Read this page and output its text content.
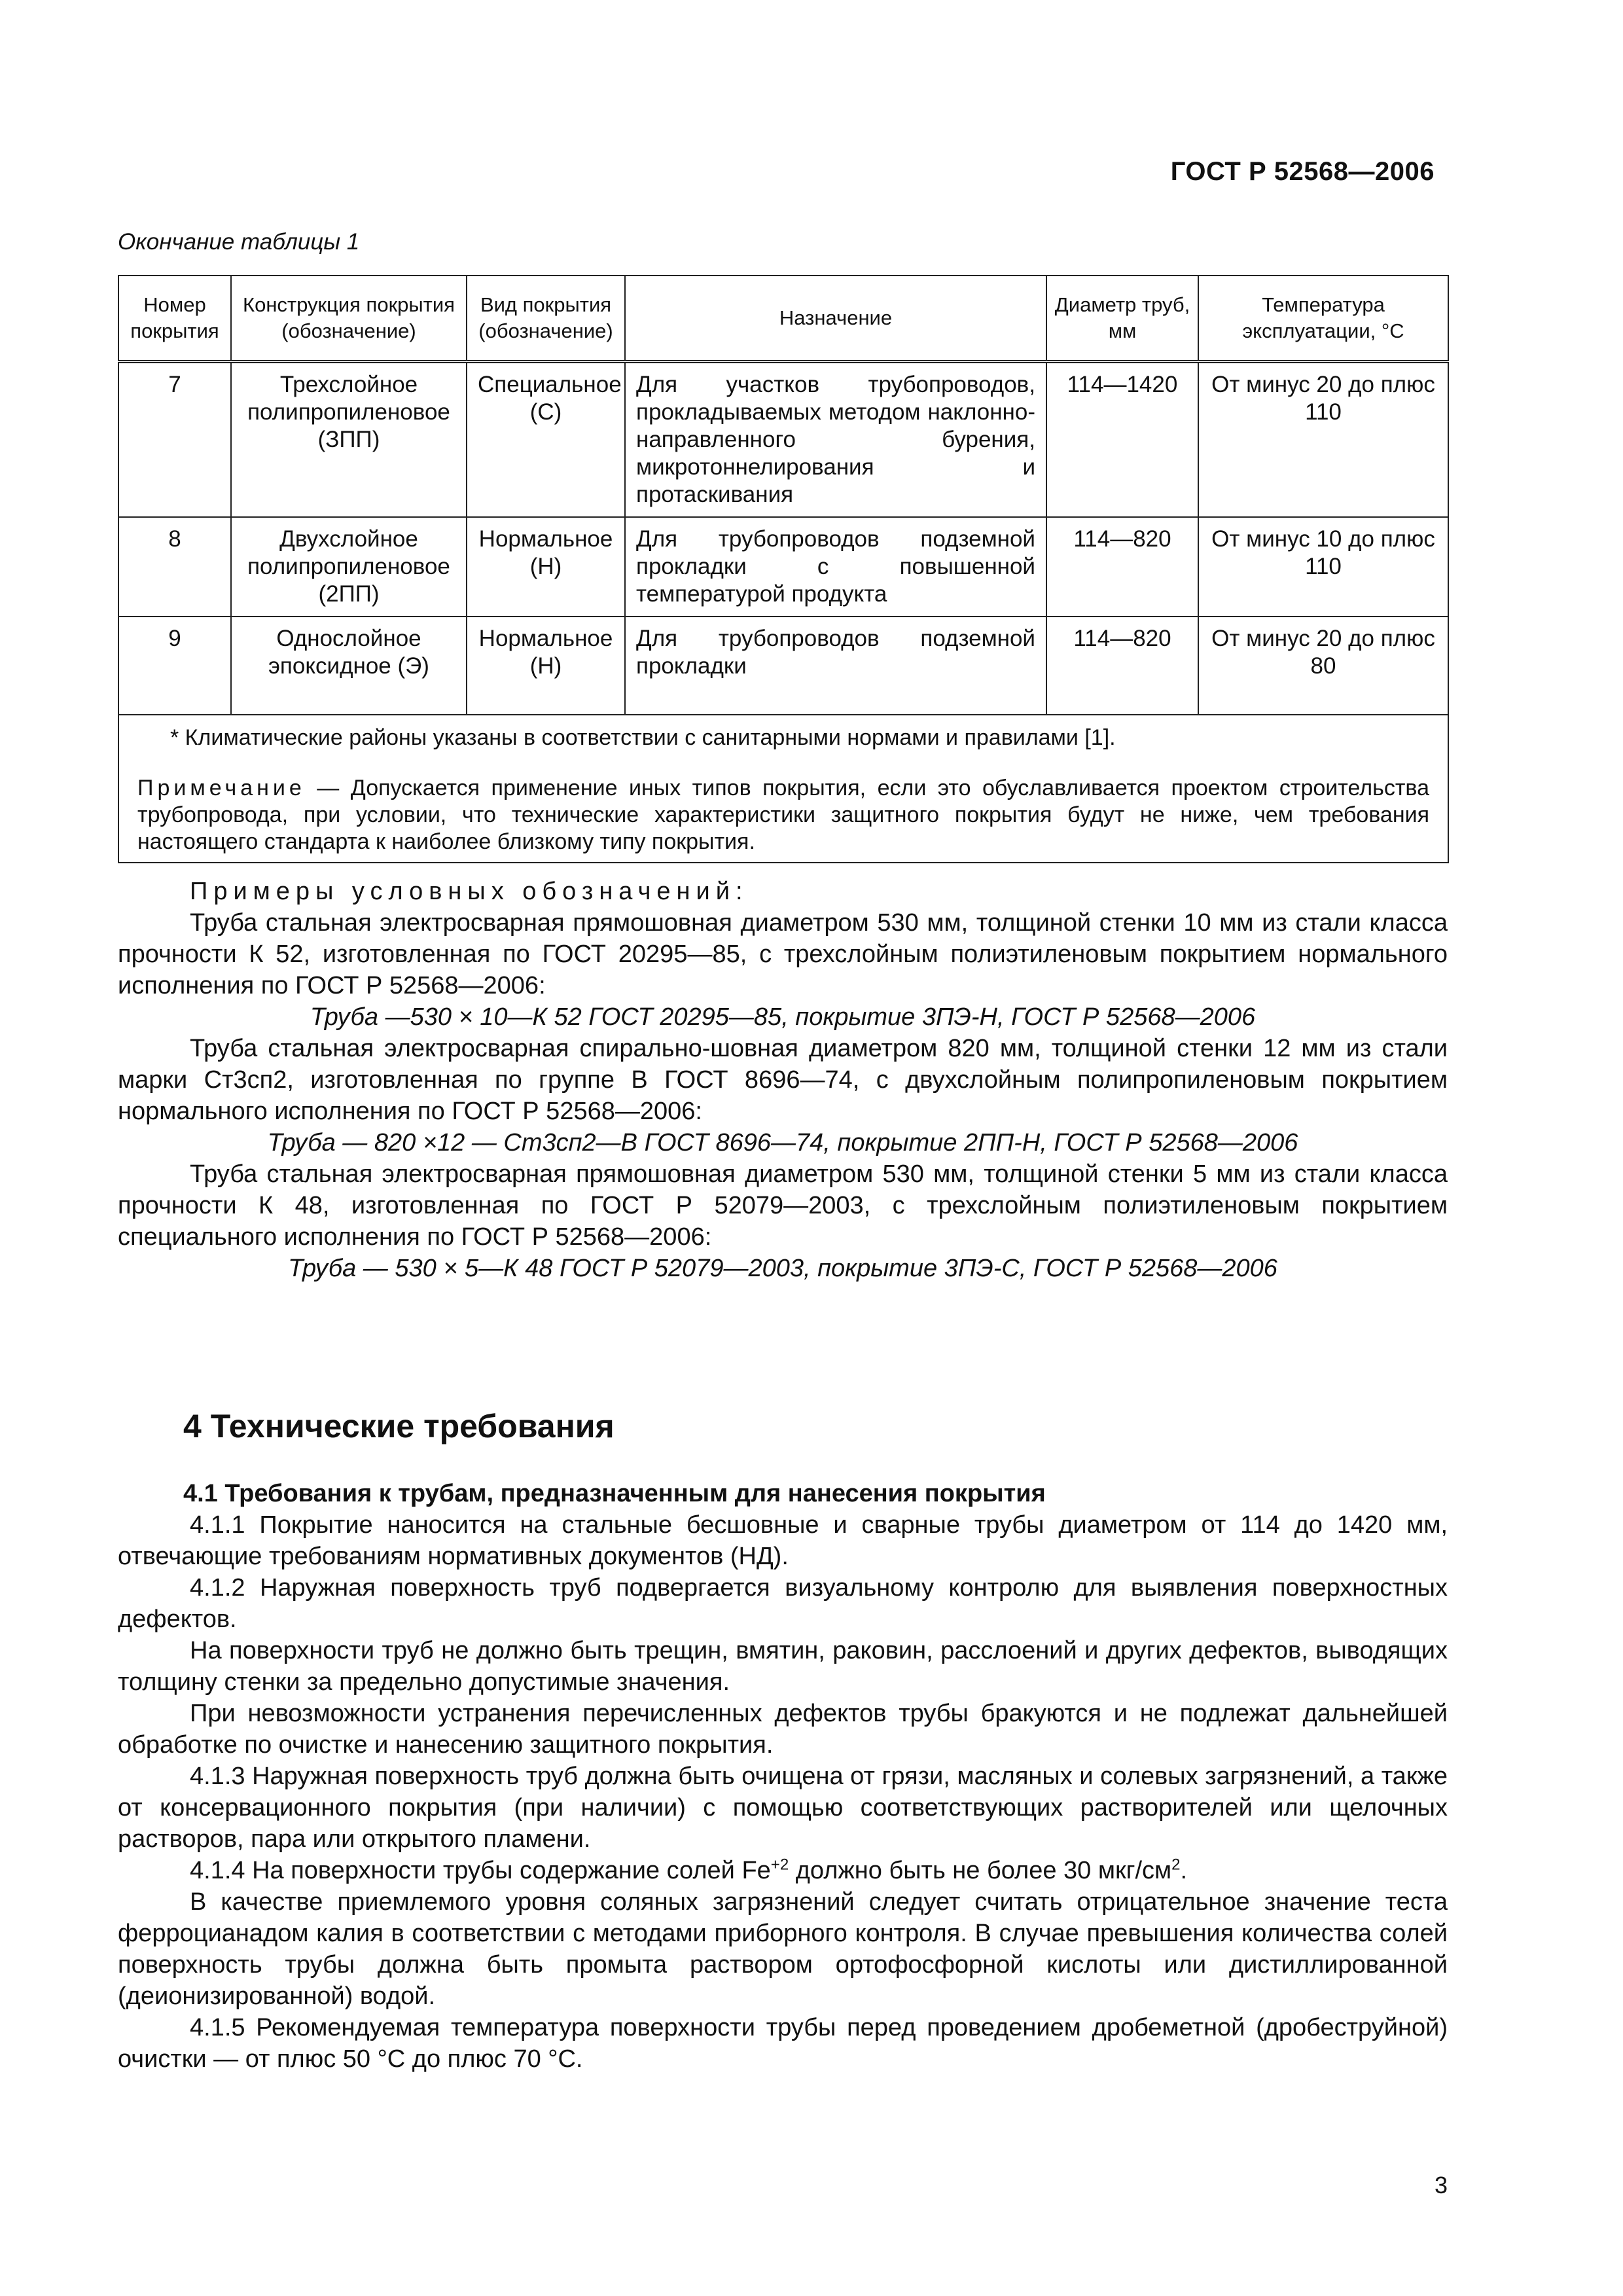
ГОСТ Р 52568—2006
Окончание таблицы 1
Номер покрытия	Конструкция покрытия (обозначение)	Вид покрытия (обозначение)	Назначение	Диаметр труб, мм	Температура эксплуатации, °С
7	Трехслойное полипропиленовое (ЗПП)	Специальное (С)	Для участков трубопроводов, прокладываемых методом наклонно-направленного бурения, микротоннелирования и протаскивания	114—1420	От минус 20 до плюс 110
8	Двухслойное полипропиленовое (2ПП)	Нормальное (Н)	Для трубопроводов подземной прокладки с повышенной температурой продукта	114—820	От минус 10 до плюс 110
9	Однослойное эпоксидное (Э)	Нормальное (Н)	Для трубопроводов подземной прокладки	114—820	От минус 20 до плюс 80

* Климатические районы указаны в соответствии с санитарными нормами и правилами [1].
Примечание — Допускается применение иных типов покрытия, если это обуславливается проектом строительства трубопровода, при условии, что технические характеристики защитного покрытия будут не ниже, чем требования настоящего стандарта к наиболее близкому типу покрытия.					

Примеры условных обозначений:

Труба стальная электросварная прямошовная диаметром 530 мм, толщиной стенки 10 мм из стали класса прочности К 52, изготовленная по ГОСТ 20295—85, с трехслойным полиэтиленовым покрытием нормального исполнения по ГОСТ Р 52568—2006:

Труба —530 × 10—К 52 ГОСТ 20295—85, покрытие 3ПЭ-Н, ГОСТ Р 52568—2006

Труба стальная электросварная спирально-шовная диаметром 820 мм, толщиной стенки 12 мм из стали марки Ст3сп2, изготовленная по группе В ГОСТ 8696—74, с двухслойным полипропиленовым покрытием нормального исполнения по ГОСТ Р 52568—2006:

Труба — 820 ×12 — Ст3сп2—В ГОСТ 8696—74, покрытие 2ПП-Н, ГОСТ Р 52568—2006

Труба стальная электросварная прямошовная диаметром 530 мм, толщиной стенки 5 мм из стали класса прочности К 48, изготовленная по ГОСТ Р 52079—2003, с трехслойным полиэтиленовым покрытием специального исполнения по ГОСТ Р 52568—2006:

Труба — 530 × 5—К 48 ГОСТ Р 52079—2003, покрытие 3ПЭ-С, ГОСТ Р 52568—2006

4 Технические требования

4.1 Требования к трубам, предназначенным для нанесения покрытия

4.1.1 Покрытие наносится на стальные бесшовные и сварные трубы диаметром от 114 до 1420 мм, отвечающие требованиям нормативных документов (НД).

4.1.2 Наружная поверхность труб подвергается визуальному контролю для выявления поверхностных дефектов.

На поверхности труб не должно быть трещин, вмятин, раковин, расслоений и других дефектов, выводящих толщину стенки за предельно допустимые значения.

При невозможности устранения перечисленных дефектов трубы бракуются и не подлежат дальнейшей обработке по очистке и нанесению защитного покрытия.

4.1.3 Наружная поверхность труб должна быть очищена от грязи, масляных и солевых загрязнений, а также от консервационного покрытия (при наличии) с помощью соответствующих растворителей или щелочных растворов, пара или открытого пламени.

4.1.4 На поверхности трубы содержание солей $Fe^{+2}$ должно быть не более 30 мкг/$см^2$.

В качестве приемлемого уровня соляных загрязнений следует считать отрицательное значение теста ферроцианадом калия в соответствии с методами приборного контроля. В случае превышения количества солей поверхность трубы должна быть промыта раствором ортофосфорной кислоты или дистиллированной (деионизированной) водой.

4.1.5 Рекомендуемая температура поверхности трубы перед проведением дробеметной (дробеструйной) очистки — от плюс 50 °С до плюс 70 °С.

3
